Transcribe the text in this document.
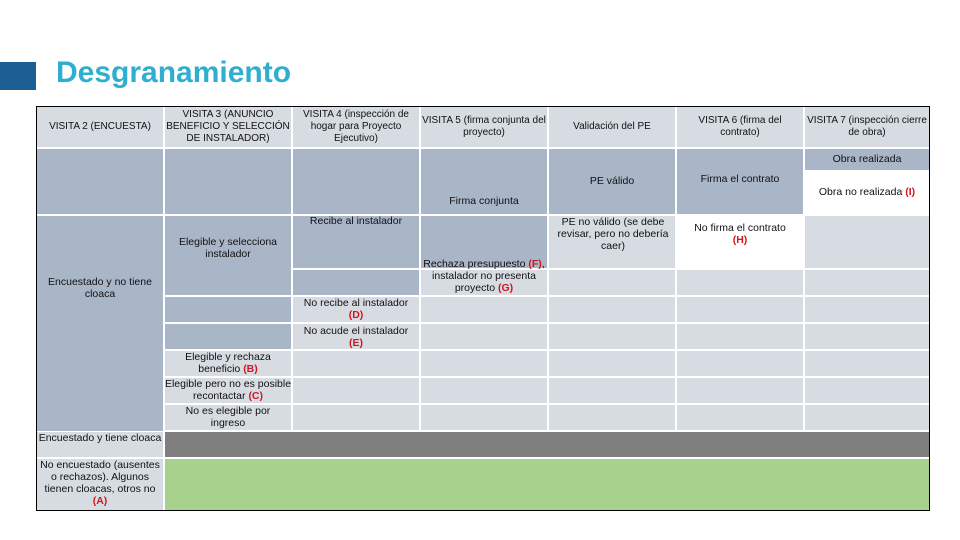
Desgranamiento
VISITA 2 (ENCUESTA)
VISITA 3 (ANUNCIO BENEFICIO Y SELECCIÓN DE INSTALADOR)
VISITA 4 (inspección de hogar para Proyecto Ejecutivo)
VISITA 5 (firma conjunta del proyecto)
Validación del PE
VISITA 6 (firma del contrato)
VISITA 7 (inspección cierre de obra)
Obra realizada
PE válido	Firma el contrato
Obra no realizada (I)
Firma conjunta
Recibe al instalador	PE no válido (se debe revisar, pero no debería caer)
No firma el contrato
(H)
Elegible y selecciona instalador
Rechaza presupuesto (F), instalador no presenta proyecto (G)
Encuestado y no tiene cloaca
No recibe al instalador
(D)
No acude el instalador
(E)
Elegible y rechaza beneficio (B)
Elegible pero no es posible recontactar (C)
No es elegible por ingreso
Encuestado y tiene cloaca
No encuestado (ausentes o rechazos). Algunos tienen cloacas, otros no (A)
